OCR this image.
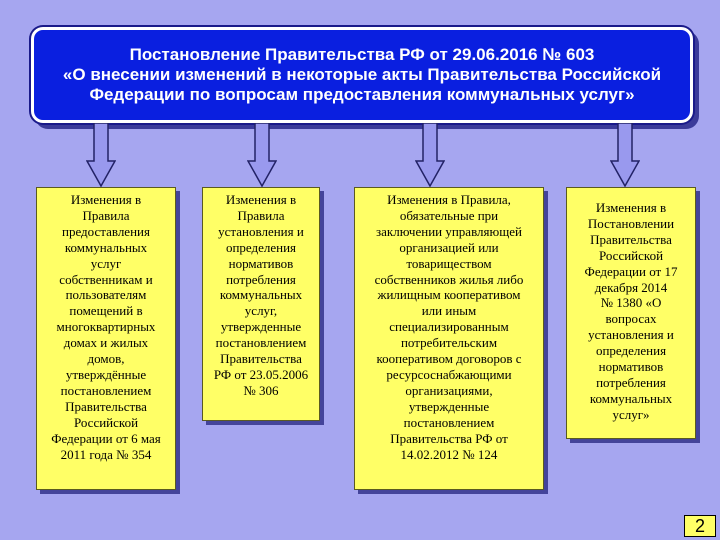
Постановление Правительства РФ от 29.06.2016 № 603
«О внесении изменений в некоторые акты Правительства Российской
Федерации по вопросам предоставления коммунальных услуг»
Изменения в
Правила
предоставления
коммунальных
услуг
собственникам и
пользователям
помещений в
многоквартирных
домах и жилых
домов,
утверждённые
постановлением
Правительства
Российской
Федерации от 6 мая
2011 года № 354
Изменения в
Правила
установления и
определения
нормативов
потребления
коммунальных
услуг,
утвержденные
постановлением
Правительства
РФ от 23.05.2006
№ 306
Изменения в Правила,
обязательные при
заключении управляющей
организацией или
товариществом
собственников жилья либо
жилищным кооперативом
или иным
специализированным
потребительским
кооперативом договоров с
ресурсоснабжающими
организациями,
утвержденные
постановлением
Правительства РФ от
14.02.2012 № 124
Изменения в
Постановлении
Правительства
Российской
Федерации от 17
декабря 2014
№ 1380 «О
вопросах
установления и
определения
нормативов
потребления
коммунальных
услуг»
2
